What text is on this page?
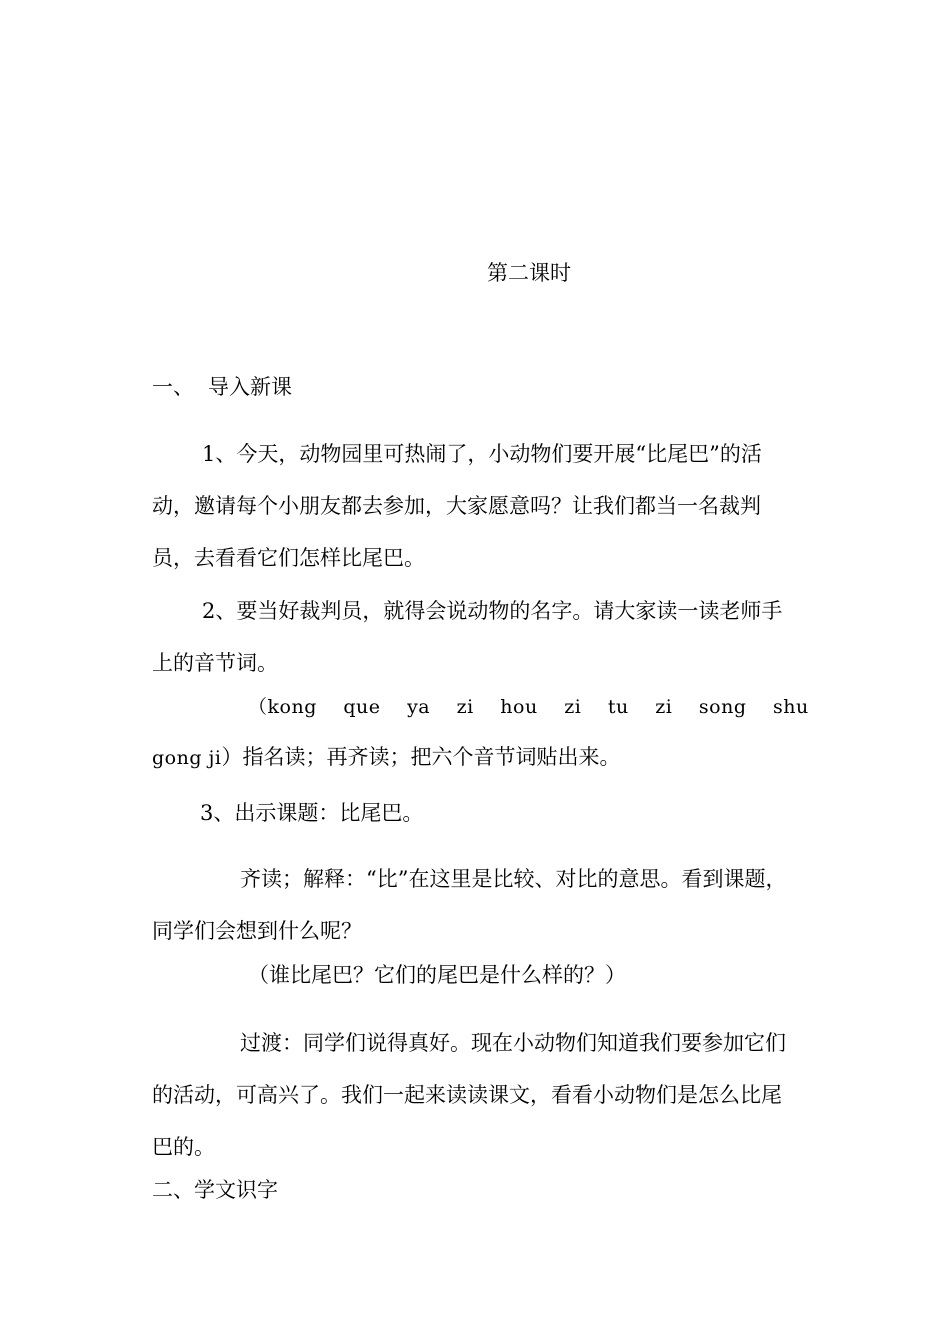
第二课时
一、 导入新课

1、今天，动物园里可热闹了，小动物们要开展“比尾巴”的活动，邀请每个小朋友都去参加，大家愿意吗？让我们都当一名裁判员，去看看它们怎样比尾巴。

2、要当好裁判员，就得会说动物的名字。请大家读一读老师手上的音节词。

（kong que ya zi hou zi tu zi song shu
gong ji）指名读；再齐读；把六个音节词贴出来。
3、出示课题：比尾巴。

齐读；解释：“比”在这里是比较、对比的意思。看到课题，同学们会想到什么呢？

（谁比尾巴？它们的尾巴是什么样的？）

过渡：同学们说得真好。现在小动物们知道我们要参加它们的活动，可高兴了。我们一起来读读课文，看看小动物们是怎么比尾巴的。

二、学文识字
